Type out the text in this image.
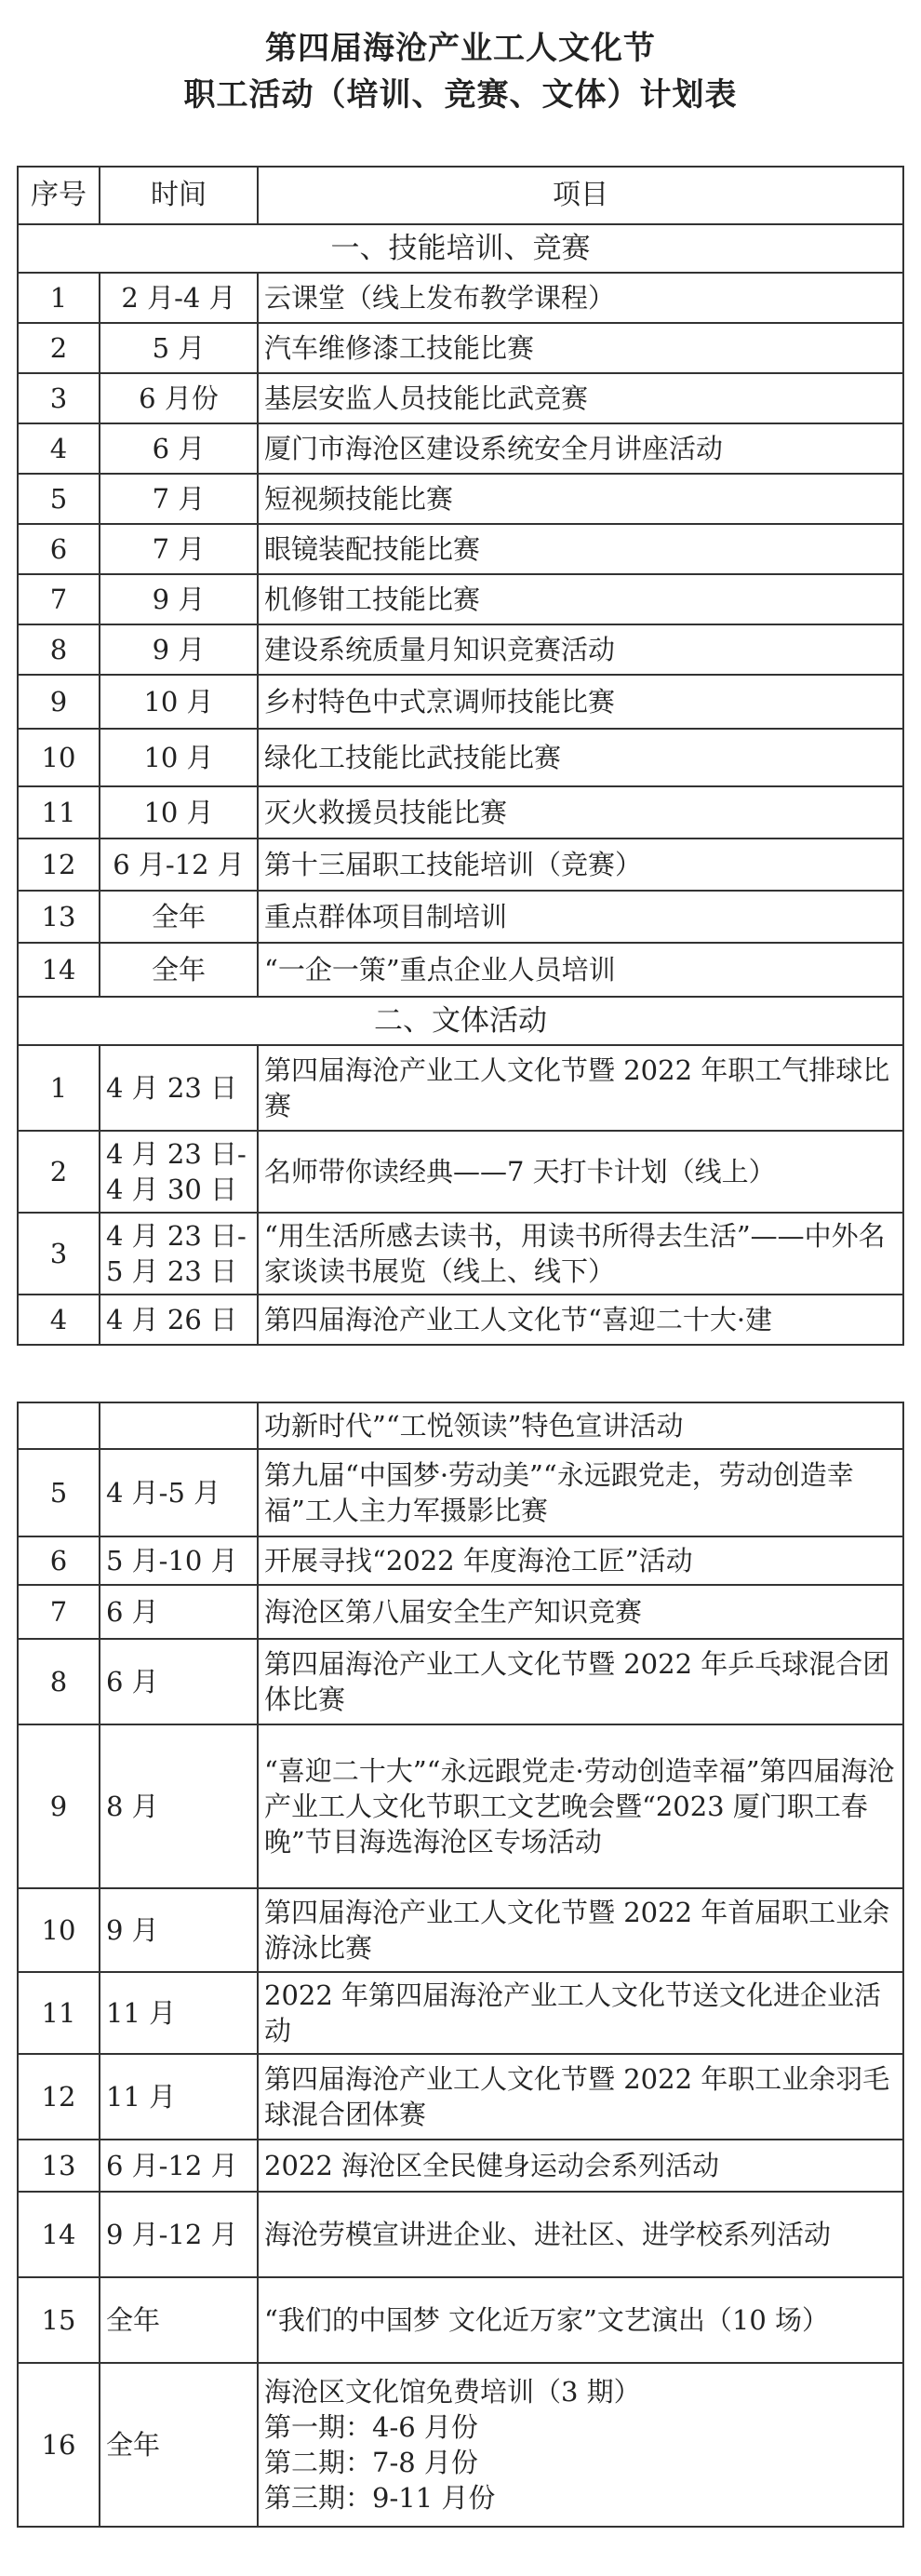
第四届海沧产业工人文化节
职工活动（培训、竞赛、文体）计划表
序号	时间	项目
一、技能培训、竞赛		
1	2 月-4 月	云课堂（线上发布教学课程）
2	5 月	汽车维修漆工技能比赛
3	6 月份	基层安监人员技能比武竞赛
4	6 月	厦门市海沧区建设系统安全月讲座活动
5	7 月	短视频技能比赛
6	7 月	眼镜装配技能比赛
7	9 月	机修钳工技能比赛
8	9 月	建设系统质量月知识竞赛活动
9	10 月	乡村特色中式烹调师技能比赛
10	10 月	绿化工技能比武技能比赛
11	10 月	灭火救援员技能比赛
12	6 月-12 月	第十三届职工技能培训（竞赛）
13	全年	重点群体项目制培训
14	全年	“一企一策”重点企业人员培训
二、文体活动		
1	4 月 23 日	第四届海沧产业工人文化节暨 2022 年职工气排球比赛
2	4 月 23 日-4 月 30 日	名师带你读经典——7 天打卡计划（线上）
3	4 月 23 日-5 月 23 日	“用生活所感去读书，用读书所得去生活”——中外名家谈读书展览（线上、线下）
4	4 月 26 日	第四届海沧产业工人文化节“喜迎二十大·建
		功新时代”“工悦领读”特色宣讲活动
5	4 月-5 月	第九届“中国梦·劳动美”“永远跟党走，劳动创造幸福”工人主力军摄影比赛
6	5 月-10 月	开展寻找“2022 年度海沧工匠”活动
7	6 月	海沧区第八届安全生产知识竞赛
8	6 月	第四届海沧产业工人文化节暨 2022 年乒乓球混合团体比赛
9	8 月	“喜迎二十大”“永远跟党走·劳动创造幸福”第四届海沧产业工人文化节职工文艺晚会暨“2023 厦门职工春晚”节目海选海沧区专场活动
10	9 月	第四届海沧产业工人文化节暨 2022 年首届职工业余游泳比赛
11	11 月	2022 年第四届海沧产业工人文化节送文化进企业活动
12	11 月	第四届海沧产业工人文化节暨 2022 年职工业余羽毛球混合团体赛
13	6 月-12 月	2022 海沧区全民健身运动会系列活动
14	9 月-12 月	海沧劳模宣讲进企业、进社区、进学校系列活动
15	全年	“我们的中国梦 文化近万家”文艺演出（10 场）
16	全年	海沧区文化馆免费培训（3 期）
第一期：4-6 月份
第二期：7-8 月份
第三期：9-11 月份
